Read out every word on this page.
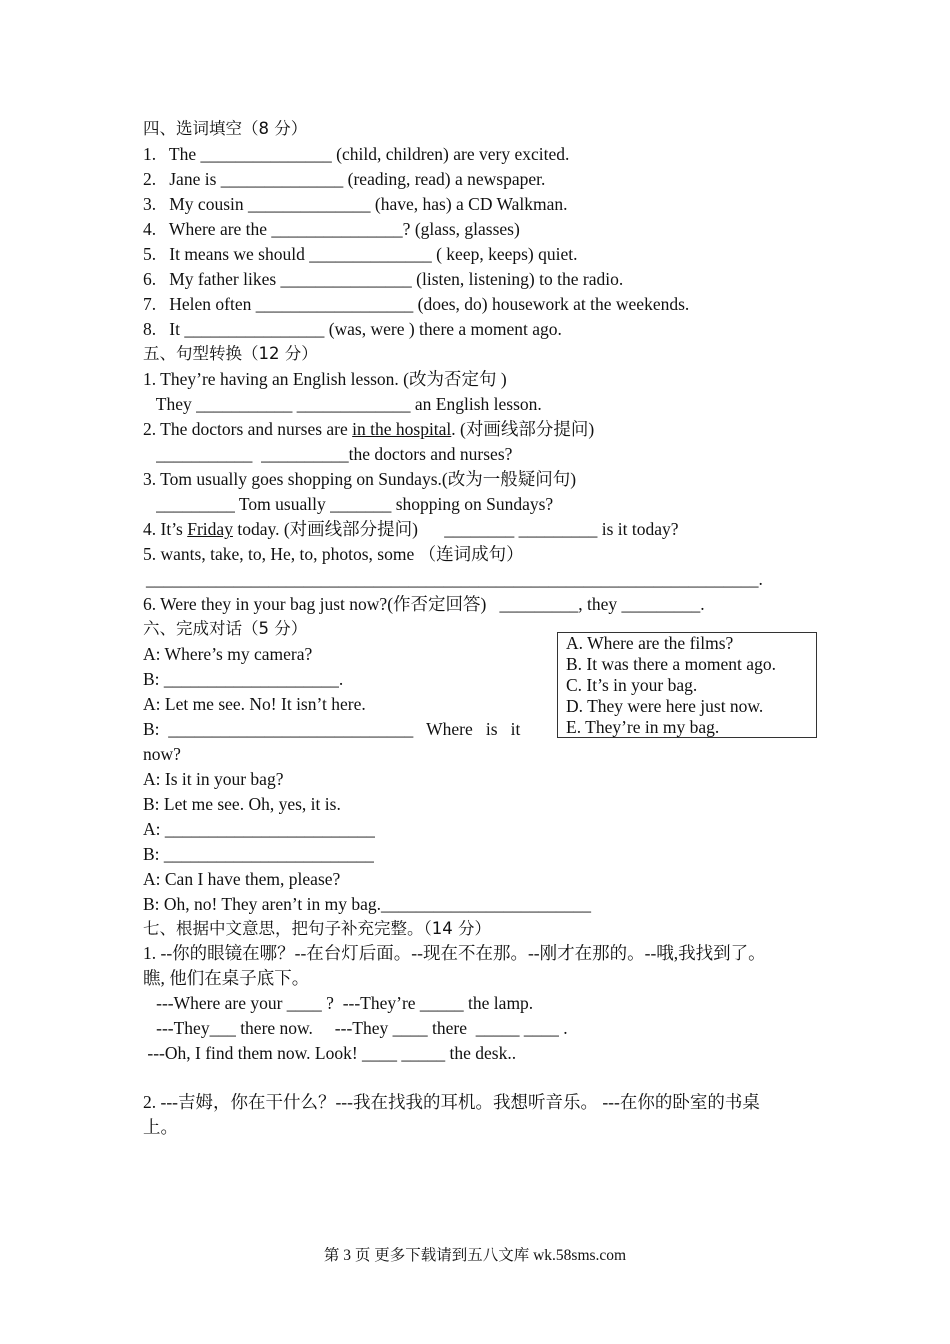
四、选词填空（8 分）
1.   The _______________ (child, children) are very excited.
2.   Jane is ______________ (reading, read) a newspaper.
3.   My cousin ______________ (have, has) a CD Walkman.
4.   Where are the _______________? (glass, glasses)
5.   It means we should ______________ ( keep, keeps) quiet.
6.   My father likes _______________ (listen, listening) to the radio.
7.   Helen often __________________ (does, do) housework at the weekends.
8.   It ________________ (was, were ) there a moment ago.
五、句型转换（12 分）
1. They’re having an English lesson. (改为否定句 )
They ___________ _____________ an English lesson.
2. The doctors and nurses are in the hospital. (对画线部分提问)
___________  __________the doctors and nurses?
3. Tom usually goes shopping on Sundays.(改为一般疑问句)
_________ Tom usually _______ shopping on Sundays?
4. It’s Friday today. (对画线部分提问)      ________ _________ is it today?
5. wants, take, to, He, to, photos, some （连词成句）
______________________________________________________________________.
6. Were they in your bag just now?(作否定回答)   _________, they _________.
六、完成对话（5 分）
A. Where are the films?
B. It was there a moment ago.
C. It’s in your bag.
D. They were here just now.
E. They’re in my bag.
A: Where’s my camera?
B: ____________________.
A: Let me see. No! It isn’t here.
B:  ____________________________   Where   is   it
now?
A: Is it in your bag?
B: Let me see. Oh, yes, it is.
A: ________________________
B: ________________________
A: Can I have them, please?
B: Oh, no! They aren’t in my bag.________________________
七、根据中文意思，把句子补充完整。（14 分）
1. --你的眼镜在哪？--在台灯后面。--现在不在那。--刚才在那的。--哦,我找到了。
瞧, 他们在桌子底下。
---Where are your ____ ?  ---They’re _____ the lamp.
---They___ there now.     ---They ____ there  _____ ____ .
---Oh, I find them now. Look! ____ _____ the desk..
2. ---吉姆，你在干什么？---我在找我的耳机。我想听音乐。 ---在你的卧室的书桌
上。
第 3 页 更多下载请到五八文库 wk.58sms.com
